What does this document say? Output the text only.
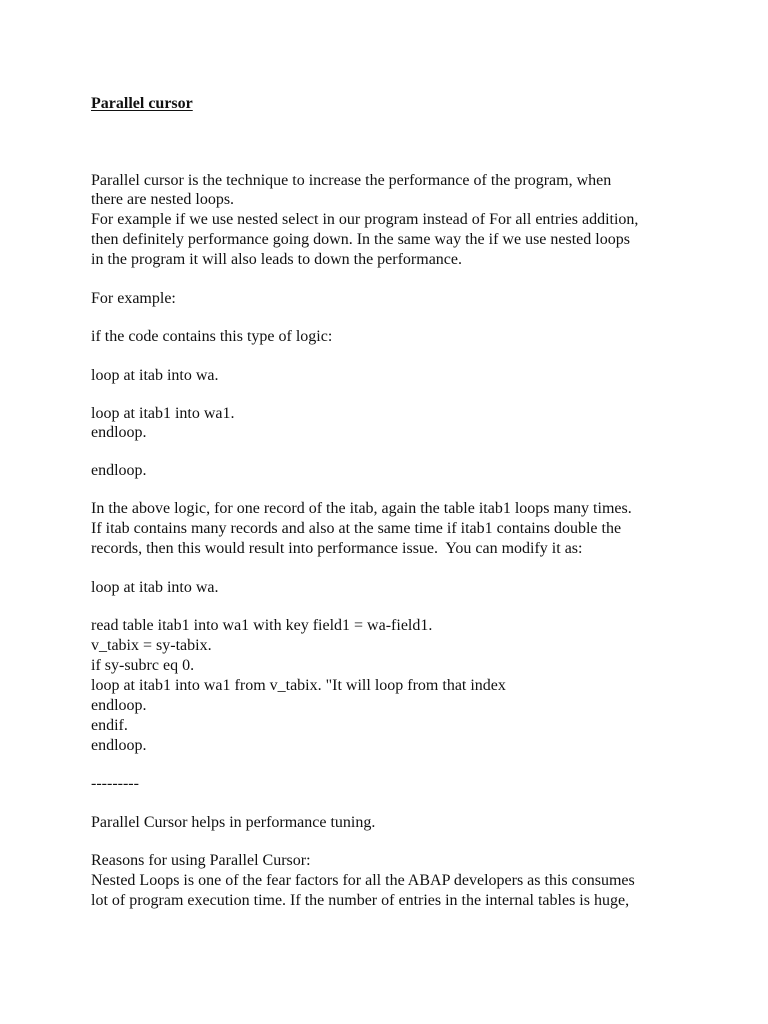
Parallel cursor
Parallel cursor is the technique to increase the performance of the program, when
there are nested loops.
For example if we use nested select in our program instead of For all entries addition,
then definitely performance going down. In the same way the if we use nested loops
in the program it will also leads to down the performance.
For example:
if the code contains this type of logic:
loop at itab into wa.
loop at itab1 into wa1.
endloop.
endloop.
In the above logic, for one record of the itab, again the table itab1 loops many times.
If itab contains many records and also at the same time if itab1 contains double the
records, then this would result into performance issue.  You can modify it as:
loop at itab into wa.
read table itab1 into wa1 with key field1 = wa-field1.
v_tabix = sy-tabix.
if sy-subrc eq 0.
loop at itab1 into wa1 from v_tabix. "It will loop from that index
endloop.
endif.
endloop.
---------
Parallel Cursor helps in performance tuning.
Reasons for using Parallel Cursor:
Nested Loops is one of the fear factors for all the ABAP developers as this consumes
lot of program execution time. If the number of entries in the internal tables is huge,
